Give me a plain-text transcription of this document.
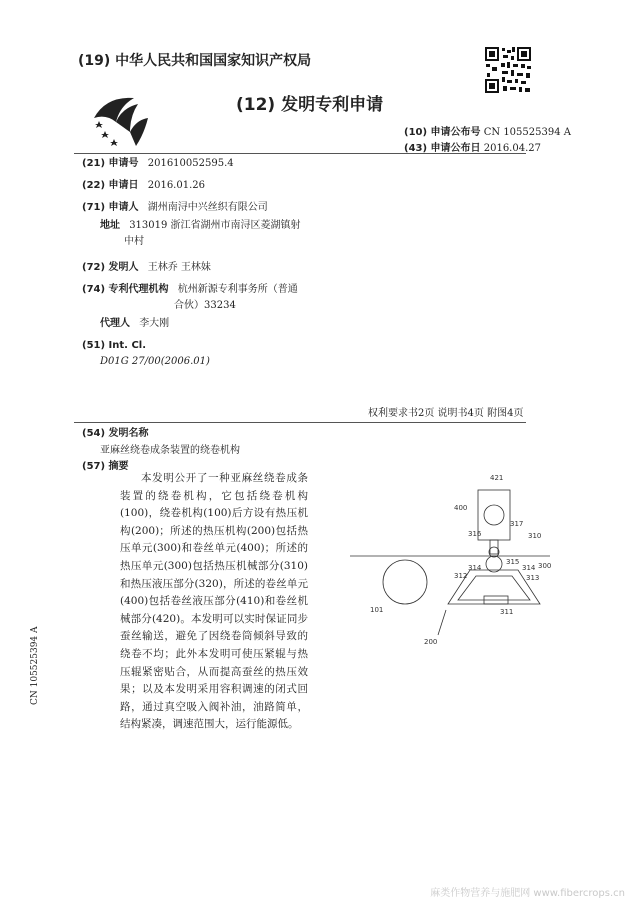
(19) 中华人民共和国国家知识产权局
(12) 发明专利申请
(10) 申请公布号 CN 105525394 A
(43) 申请公布日 2016.04.27
(21) 申请号 201610052595.4
(22) 申请日 2016.01.26
(71) 申请人 湖州南浔中兴丝织有限公司
地址 313019 浙江省湖州市南浔区菱湖镇射
中村
(72) 发明人 王林乔 王林妹
(74) 专利代理机构 杭州新源专利事务所（普通
合伙）33234
代理人 李大刚
(51) Int. Cl.
D01G 27/00(2006.01)
权利要求书2页 说明书4页 附图4页
(54) 发明名称
亚麻丝绕卷成条装置的绕卷机构
(57) 摘要
本发明公开了一种亚麻丝绕卷成条装置的绕卷机构，它包括绕卷机构(100)，绕卷机构(100)后方设有热压机构(200)；所述的热压机构(200)包括热压单元(300)和卷丝单元(400)；所述的热压单元(300)包括热压机械部分(310)和热压液压部分(320)，所述的卷丝单元(400)包括卷丝液压部分(410)和卷丝机械部分(420)。本发明可以实时保证同步蚕丝输送，避免了因绕卷筒倾斜导致的绕卷不均；此外本发明可使压紧辊与热压辊紧密贴合，从而提高蚕丝的热压效果；以及本发明采用容积调速的闭式回路，通过真空吸入阀补油，油路简单，结构紧凑，调速范围大，运行能源低。
421
400
316
317
310
314
315
314
312	313
300
311
101
200
CN 105525394 A
麻类作物营养与施肥网 www.fibercrops.cn
